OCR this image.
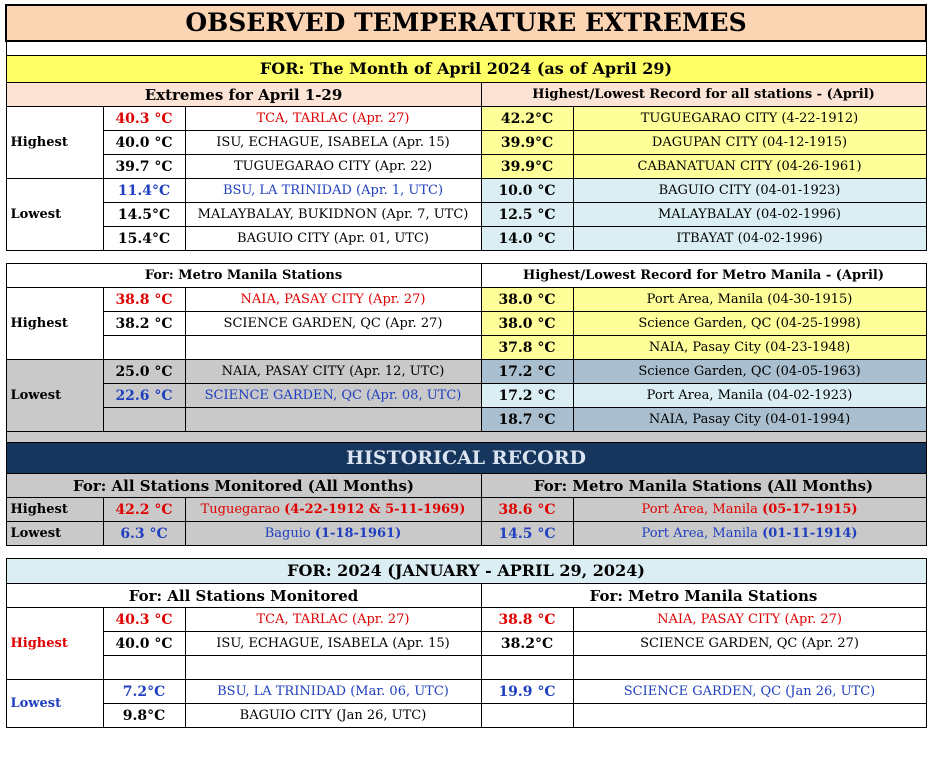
OBSERVED TEMPERATURE EXTREMES				

FOR: The Month of April 2024 (as of April 29)				
Extremes for April 1-29			Highest/Lowest Record for all stations - (April)	
Highest	40.3 °C	TCA, TARLAC (Apr. 27)	42.2°C	TUGUEGARAO CITY (4-22-1912)
	40.0 °C	ISU, ECHAGUE, ISABELA (Apr. 15)	39.9°C	DAGUPAN CITY (04-12-1915)
	39.7 °C	TUGUEGARAO CITY (Apr. 22)	39.9°C	CABANATUAN CITY (04-26-1961)
Lowest	11.4°C	BSU, LA TRINIDAD (Apr. 1, UTC)	10.0 °C	BAGUIO CITY (04-01-1923)
	14.5°C	MALAYBALAY, BUKIDNON (Apr. 7, UTC)	12.5 °C	MALAYBALAY (04-02-1996)
	15.4°C	BAGUIO CITY (Apr. 01, UTC)	14.0 °C	ITBAYAT (04-02-1996)

For: Metro Manila Stations			Highest/Lowest Record for Metro Manila - (April)	
Highest	38.8 °C	NAIA, PASAY CITY (Apr. 27)	38.0 °C	Port Area, Manila (04-30-1915)
	38.2 °C	SCIENCE GARDEN, QC (Apr. 27)	38.0 °C	Science Garden, QC (04-25-1998)
			37.8 °C	NAIA, Pasay City (04-23-1948)
Lowest	25.0 °C	NAIA, PASAY CITY (Apr. 12, UTC)	17.2 °C	Science Garden, QC (04-05-1963)
	22.6 °C	SCIENCE GARDEN, QC (Apr. 08, UTC)	17.2 °C	Port Area, Manila (04-02-1923)
			18.7 °C	NAIA, Pasay City (04-01-1994)

HISTORICAL RECORD				
For: All Stations Monitored (All Months)			For: Metro Manila Stations (All Months)	
Highest	42.2 °C	Tuguegarao (4-22-1912 & 5-11-1969)	38.6 °C	Port Area, Manila (05-17-1915)
Lowest	6.3 °C	Baguio (1-18-1961)	14.5 °C	Port Area, Manila (01-11-1914)

FOR: 2024 (JANUARY - APRIL 29, 2024)				
For: All Stations Monitored			For: Metro Manila Stations	
Highest	40.3 °C	TCA, TARLAC (Apr. 27)	38.8 °C	NAIA, PASAY CITY (Apr. 27)
	40.0 °C	ISU, ECHAGUE, ISABELA (Apr. 15)	38.2°C	SCIENCE GARDEN, QC (Apr. 27)

Lowest	7.2°C	BSU, LA TRINIDAD (Mar. 06, UTC)	19.9 °C	SCIENCE GARDEN, QC (Jan 26, UTC)
	9.8°C	BAGUIO CITY (Jan 26, UTC)		
